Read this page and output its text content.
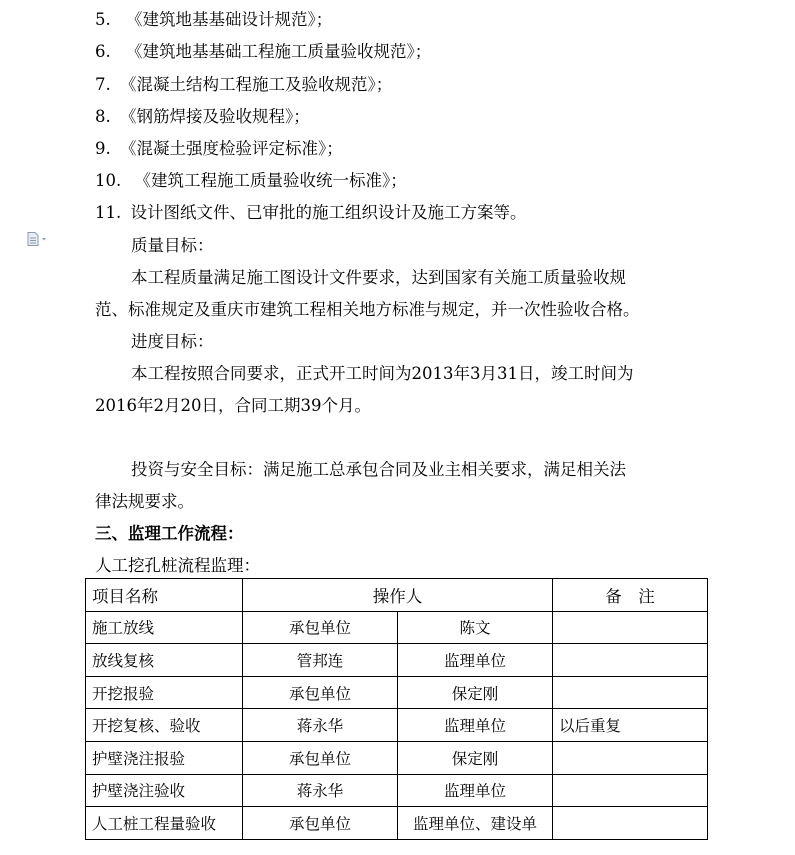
5. 《建筑地基基础设计规范》；
6. 《建筑地基基础工程施工质量验收规范》；
7. 《混凝土结构工程施工及验收规范》；
8. 《钢筋焊接及验收规程》；
9. 《混凝土强度检验评定标准》；
10. 《建筑工程施工质量验收统一标准》；
11. 设计图纸文件、已审批的施工组织设计及施工方案等。
质量目标：
本工程质量满足施工图设计文件要求，达到国家有关施工质量验收规
范、标准规定及重庆市建筑工程相关地方标准与规定，并一次性验收合格。
进度目标：
本工程按照合同要求，正式开工时间为2013年3月31日，竣工时间为
2016年2月20日，合同工期39个月。
投资与安全目标：满足施工总承包合同及业主相关要求，满足相关法
律法规要求。
三、监理工作流程：
人工挖孔桩流程监理：
项目名称	操作人		备　注
施工放线	承包单位	陈文	
放线复核	管邦连	监理单位	
开挖报验	承包单位	保定刚	
开挖复核、验收	蒋永华	监理单位	以后重复
护壁浇注报验	承包单位	保定刚	
护壁浇注验收	蒋永华	监理单位	
人工桩工程量验收	承包单位	监理单位、建设单	
